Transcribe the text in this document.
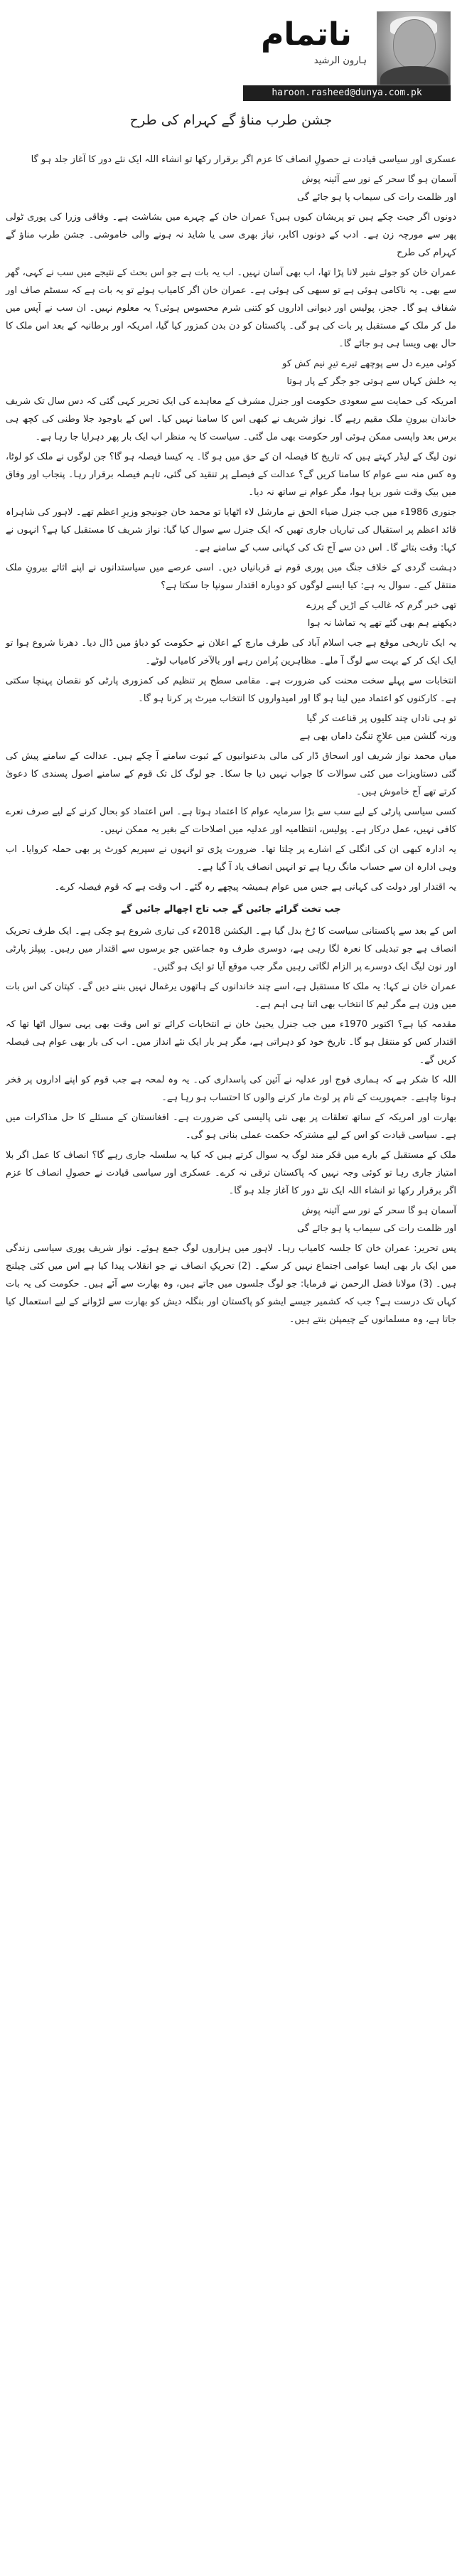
ناتمام
ہارون الرشید
haroon.rasheed@dunya.com.pk
جشن طرب مناؤ گے کہرام کی طرح

عسکری اور سیاسی قیادت نے حصولِ انصاف کا عزم اگر برقرار رکھا تو انشاء اللہ ایک نئے دور کا آغاز جلد ہو گا

آسمان ہو گا سحر کے نور سے آئینہ پوش
اور ظلمت رات کی سیماب پا ہو جائے گی

دونوں اگر جیت چکے ہیں تو پریشان کیوں ہیں؟ عمران خان کے چہرے میں بشاشت ہے۔ وفاقی وزرا کی پوری ٹولی پھر سے مورچہ زن ہے۔ ادب کے دونوں اکابر، نیاز بھری سی یا شاید نہ ہونے والی خاموشی۔ جشن طرب مناؤ گے کہرام کی طرح

عمران خان کو جوئے شیر لانا پڑا تھا، اب بھی آسان نہیں۔ اب یہ بات ہے جو اس بحث کے نتیجے میں سب نے کہی، گھر سے بھی۔ یہ ناکامی ہوئی ہے تو سبھی کی ہوئی ہے۔ عمران خان اگر کامیاب ہوئے تو یہ بات ہے کہ سسٹم صاف اور شفاف ہو گا۔ ججز، پولیس اور دیوانی اداروں کو کتنی شرم محسوس ہوئی؟ یہ معلوم نہیں۔ ان سب نے آپس میں مل کر ملک کے مستقبل پر بات کی ہو گی۔ پاکستان کو دن بدن کمزور کیا گیا، امریکہ اور برطانیہ کے بعد اس ملک کا حال بھی ویسا ہی ہو جائے گا۔

کوئی میرے دل سے پوچھے تیرے تیرِ نیم کش کو
یہ خلش کہاں سے ہوتی جو جگر کے پار ہوتا

امریکہ کی حمایت سے سعودی حکومت اور جنرل مشرف کے معاہدے کی ایک تحریر کہی گئی کہ دس سال تک شریف خاندان بیرونِ ملک مقیم رہے گا۔ نواز شریف نے کبھی اس کا سامنا نہیں کیا۔ اس کے باوجود جلا وطنی کی کچھ ہی برس بعد واپسی ممکن ہوئی اور حکومت بھی مل گئی۔ سیاست کا یہ منظر اب ایک بار پھر دہرایا جا رہا ہے۔

نون لیگ کے لیڈر کہتے ہیں کہ تاریخ کا فیصلہ ان کے حق میں ہو گا۔ یہ کیسا فیصلہ ہو گا؟ جن لوگوں نے ملک کو لوٹا، وہ کس منہ سے عوام کا سامنا کریں گے؟ عدالت کے فیصلے پر تنقید کی گئی، تاہم فیصلہ برقرار رہا۔ پنجاب اور وفاق میں بیک وقت شور برپا ہوا، مگر عوام نے ساتھ نہ دیا۔

جنوری 1986ء میں جب جنرل ضیاء الحق نے مارشل لاء اٹھایا تو محمد خان جونیجو وزیرِ اعظم تھے۔ لاہور کی شاہراہ قائد اعظم پر استقبال کی تیاریاں جاری تھیں کہ ایک جنرل سے سوال کیا گیا: نواز شریف کا مستقبل کیا ہے؟ انہوں نے کہا: وقت بتائے گا۔ اس دن سے آج تک کی کہانی سب کے سامنے ہے۔

دہشت گردی کے خلاف جنگ میں پوری قوم نے قربانیاں دیں۔ اسی عرصے میں سیاستدانوں نے اپنے اثاثے بیرونِ ملک منتقل کیے۔ سوال یہ ہے: کیا ایسے لوگوں کو دوبارہ اقتدار سونپا جا سکتا ہے؟

تھی خبر گرم کہ غالب کے اڑیں گے پرزے
دیکھنے ہم بھی گئے تھے پہ تماشا نہ ہوا

یہ ایک تاریخی موقع ہے جب اسلام آباد کی طرف مارچ کے اعلان نے حکومت کو دباؤ میں ڈال دیا۔ دھرنا شروع ہوا تو ایک ایک کر کے بہت سے لوگ آ ملے۔ مظاہرین پُرامن رہے اور بالآخر کامیاب لوٹے۔

انتخابات سے پہلے سخت محنت کی ضرورت ہے۔ مقامی سطح پر تنظیم کی کمزوری پارٹی کو نقصان پہنچا سکتی ہے۔ کارکنوں کو اعتماد میں لینا ہو گا اور امیدواروں کا انتخاب میرٹ پر کرنا ہو گا۔

تو ہی ناداں چند کلیوں پر قناعت کر گیا
ورنہ گلشن میں علاجِ تنگیٔ داماں بھی ہے

میاں محمد نواز شریف اور اسحاق ڈار کی مالی بدعنوانیوں کے ثبوت سامنے آ چکے ہیں۔ عدالت کے سامنے پیش کی گئی دستاویزات میں کئی سوالات کا جواب نہیں دیا جا سکا۔ جو لوگ کل تک قوم کے سامنے اصول پسندی کا دعویٰ کرتے تھے آج خاموش ہیں۔

کسی سیاسی پارٹی کے لیے سب سے بڑا سرمایہ عوام کا اعتماد ہوتا ہے۔ اس اعتماد کو بحال کرنے کے لیے صرف نعرے کافی نہیں، عمل درکار ہے۔ پولیس، انتظامیہ اور عدلیہ میں اصلاحات کے بغیر یہ ممکن نہیں۔

یہ ادارہ کبھی ان کی انگلی کے اشارے پر چلتا تھا۔ ضرورت پڑی تو انہوں نے سپریم کورٹ پر بھی حملہ کروایا۔ اب وہی ادارہ ان سے حساب مانگ رہا ہے تو انہیں انصاف یاد آ گیا ہے۔

یہ اقتدار اور دولت کی کہانی ہے جس میں عوام ہمیشہ پیچھے رہ گئے۔ اب وقت ہے کہ قوم فیصلہ کرے۔

جب تخت گرائے جائیں گے جب تاج اچھالے جائیں گے

اس کے بعد سے پاکستانی سیاست کا رُخ بدل گیا ہے۔ الیکشن 2018ء کی تیاری شروع ہو چکی ہے۔ ایک طرف تحریک انصاف ہے جو تبدیلی کا نعرہ لگا رہی ہے، دوسری طرف وہ جماعتیں جو برسوں سے اقتدار میں رہیں۔ پیپلز پارٹی اور نون لیگ ایک دوسرے پر الزام لگاتی رہیں مگر جب موقع آیا تو ایک ہو گئیں۔

عمران خان نے کہا: یہ ملک کا مستقبل ہے، اسے چند خاندانوں کے ہاتھوں یرغمال نہیں بننے دیں گے۔ کپتان کی اس بات میں وزن ہے مگر ٹیم کا انتخاب بھی اتنا ہی اہم ہے۔

مقدمہ کیا ہے؟ اکتوبر 1970ء میں جب جنرل یحییٰ خان نے انتخابات کرائے تو اس وقت بھی یہی سوال اٹھا تھا کہ اقتدار کس کو منتقل ہو گا۔ تاریخ خود کو دہراتی ہے، مگر ہر بار ایک نئے انداز میں۔ اب کی بار بھی عوام ہی فیصلہ کریں گے۔

اللہ کا شکر ہے کہ ہماری فوج اور عدلیہ نے آئین کی پاسداری کی۔ یہ وہ لمحہ ہے جب قوم کو اپنے اداروں پر فخر ہونا چاہیے۔ جمہوریت کے نام پر لوٹ مار کرنے والوں کا احتساب ہو رہا ہے۔

بھارت اور امریکہ کے ساتھ تعلقات پر بھی نئی پالیسی کی ضرورت ہے۔ افغانستان کے مسئلے کا حل مذاکرات میں ہے۔ سیاسی قیادت کو اس کے لیے مشترکہ حکمت عملی بنانی ہو گی۔

ملک کے مستقبل کے بارے میں فکر مند لوگ یہ سوال کرتے ہیں کہ کیا یہ سلسلہ جاری رہے گا؟ انصاف کا عمل اگر بلا امتیاز جاری رہا تو کوئی وجہ نہیں کہ پاکستان ترقی نہ کرے۔ عسکری اور سیاسی قیادت نے حصولِ انصاف کا عزم اگر برقرار رکھا تو انشاء اللہ ایک نئے دور کا آغاز جلد ہو گا۔

آسمان ہو گا سحر کے نور سے آئینہ پوش
اور ظلمت رات کی سیماب پا ہو جائے گی

پس تحریر: عمران خان کا جلسہ کامیاب رہا۔ لاہور میں ہزاروں لوگ جمع ہوئے۔ نواز شریف پوری سیاسی زندگی میں ایک بار بھی ایسا عوامی اجتماع نہیں کر سکے۔ (2) تحریکِ انصاف نے جو انقلاب پیدا کیا ہے اس میں کئی چیلنج ہیں۔ (3) مولانا فضل الرحمن نے فرمایا: جو لوگ جلسوں میں جاتے ہیں، وہ بھارت سے آئے ہیں۔ حکومت کی یہ بات کہاں تک درست ہے؟ جب کہ کشمیر جیسے ایشو کو پاکستان اور بنگلہ دیش کو بھارت سے لڑوانے کے لیے استعمال کیا جاتا ہے، وہ مسلمانوں کے چیمپئن بنتے ہیں۔
